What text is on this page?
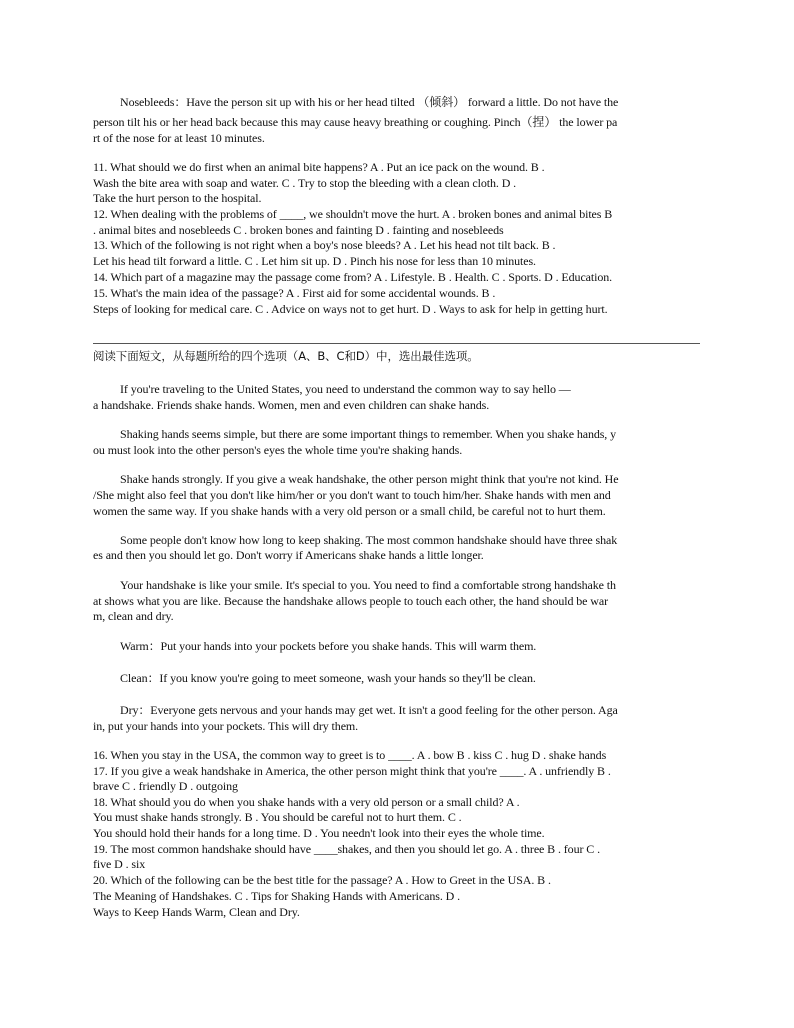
Nosebleeds：Have the person sit up with his or her head tilted （倾斜） forward a little. Do not have the
person tilt his or her head back because this may cause heavy breathing or coughing. Pinch（捏） the lower pa
rt of the nose for at least 10 minutes.
11. What should we do first when an animal bite happens? A . Put an ice pack on the wound. B .
Wash the bite area with soap and water. C . Try to stop the bleeding with a clean cloth. D .
Take the hurt person to the hospital.
12. When dealing with the problems of ____, we shouldn't move the hurt. A . broken bones and animal bites B
. animal bites and nosebleeds C . broken bones and fainting D . fainting and nosebleeds
13. Which of the following is not right when a boy's nose bleeds? A . Let his head not tilt back. B .
Let his head tilt forward a little. C . Let him sit up. D . Pinch his nose for less than 10 minutes.
14. Which part of a magazine may the passage come from? A . Lifestyle. B . Health. C . Sports. D . Education.
15. What's the main idea of the passage? A . First aid for some accidental wounds. B .
Steps of looking for medical care. C . Advice on ways not to get hurt. D . Ways to ask for help in getting hurt.
阅读下面短文，从每题所给的四个选项（A、B、C和D）中，选出最佳选项。
If you're traveling to the United States, you need to understand the common way to say hello —
a handshake. Friends shake hands. Women, men and even children can shake hands.
Shaking hands seems simple, but there are some important things to remember. When you shake hands, y
ou must look into the other person's eyes the whole time you're shaking hands.
Shake hands strongly. If you give a weak handshake, the other person might think that you're not kind. He
/She might also feel that you don't like him/her or you don't want to touch him/her. Shake hands with men and
women the same way. If you shake hands with a very old person or a small child, be careful not to hurt them.
Some people don't know how long to keep shaking. The most common handshake should have three shak
es and then you should let go. Don't worry if Americans shake hands a little longer.
Your handshake is like your smile. It's special to you. You need to find a comfortable strong handshake th
at shows what you are like. Because the handshake allows people to touch each other, the hand should be war
m, clean and dry.
Warm：Put your hands into your pockets before you shake hands. This will warm them.
Clean：If you know you're going to meet someone, wash your hands so they'll be clean.
Dry：Everyone gets nervous and your hands may get wet. It isn't a good feeling for the other person. Aga
in, put your hands into your pockets. This will dry them.
16. When you stay in the USA, the common way to greet is to ____. A . bow B . kiss C . hug D . shake hands
17. If you give a weak handshake in America, the other person might think that you're ____. A . unfriendly B .
brave C . friendly D . outgoing
18. What should you do when you shake hands with a very old person or a small child? A .
You must shake hands strongly. B . You should be careful not to hurt them. C .
You should hold their hands for a long time. D . You needn't look into their eyes the whole time.
19. The most common handshake should have ____shakes, and then you should let go. A . three B . four C .
five D . six
20. Which of the following can be the best title for the passage? A . How to Greet in the USA. B .
The Meaning of Handshakes. C . Tips for Shaking Hands with Americans. D .
Ways to Keep Hands Warm, Clean and Dry.
